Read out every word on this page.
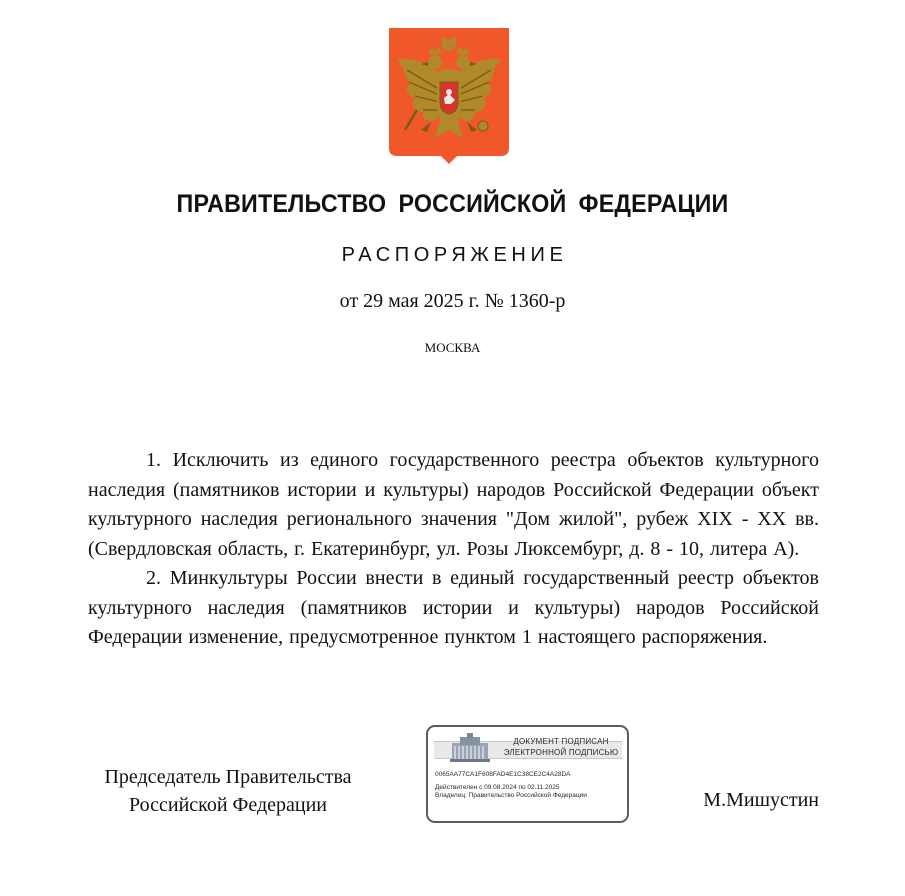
ПРАВИТЕЛЬСТВО РОССИЙСКОЙ ФЕДЕРАЦИИ
РАСПОРЯЖЕНИЕ
от 29 мая 2025 г. № 1360-р
МОСКВА

1. Исключить из единого государственного реестра объектов культурного наследия (памятников истории и культуры) народов Российской Федерации объект культурного наследия регионального значения "Дом жилой", рубеж XIX - XX вв. (Свердловская область, г. Екатеринбург, ул. Розы Люксембург, д. 8 - 10, литера А).

2. Минкультуры России внести в единый государственный реестр объектов культурного наследия (памятников истории и культуры) народов Российской Федерации изменение, предусмотренное пунктом 1 настоящего распоряжения.

Председатель Правительства
Российской Федерации
ДОКУМЕНТ ПОДПИСАН
ЭЛЕКТРОННОЙ ПОДПИСЬЮ
0065AA77CA1F608FAD4E1C38CE2C4A28DA
Действителен с 09.08.2024 по 02.11.2025
Владелец: Правительство Российской Федерации	М.Мишустин
